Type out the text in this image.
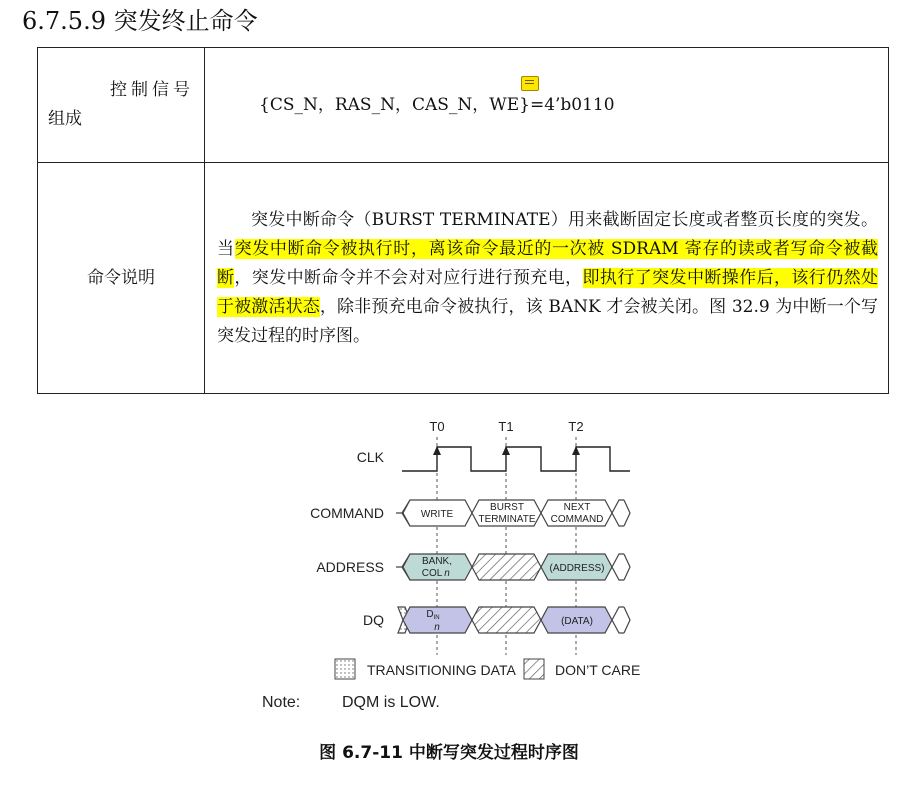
6.7.5.9 突发终止命令
控制信号
组成	{CS_N，RAS_N，CAS_N，WE}=4’b0110
命令说明	突发中断命令（BURST TERMINATE）用来截断固定长度或者整页长度的突发。当突发中断命令被执行时，离该命令最近的一次被 SDRAM 寄存的读或者写命令被截断，突发中断命令并不会对对应行进行预充电，即执行了突发中断操作后，该行仍然处于被激活状态，除非预充电命令被执行，该 BANK 才会被关闭。图 32.9 为中断一个写突发过程的时序图。
T0	T1	T2
CLK
COMMAND
ADDRESS
DQ
WRITE
BURST
TERMINATE
NEXT
COMMAND
BANK,
COL n	(ADDRESS)
$D_{IN}$
n
(DATA)
TRANSITIONING DATA	DON’T CARE
Note:	DQM is LOW.
图 6.7-11 中断写突发过程时序图
